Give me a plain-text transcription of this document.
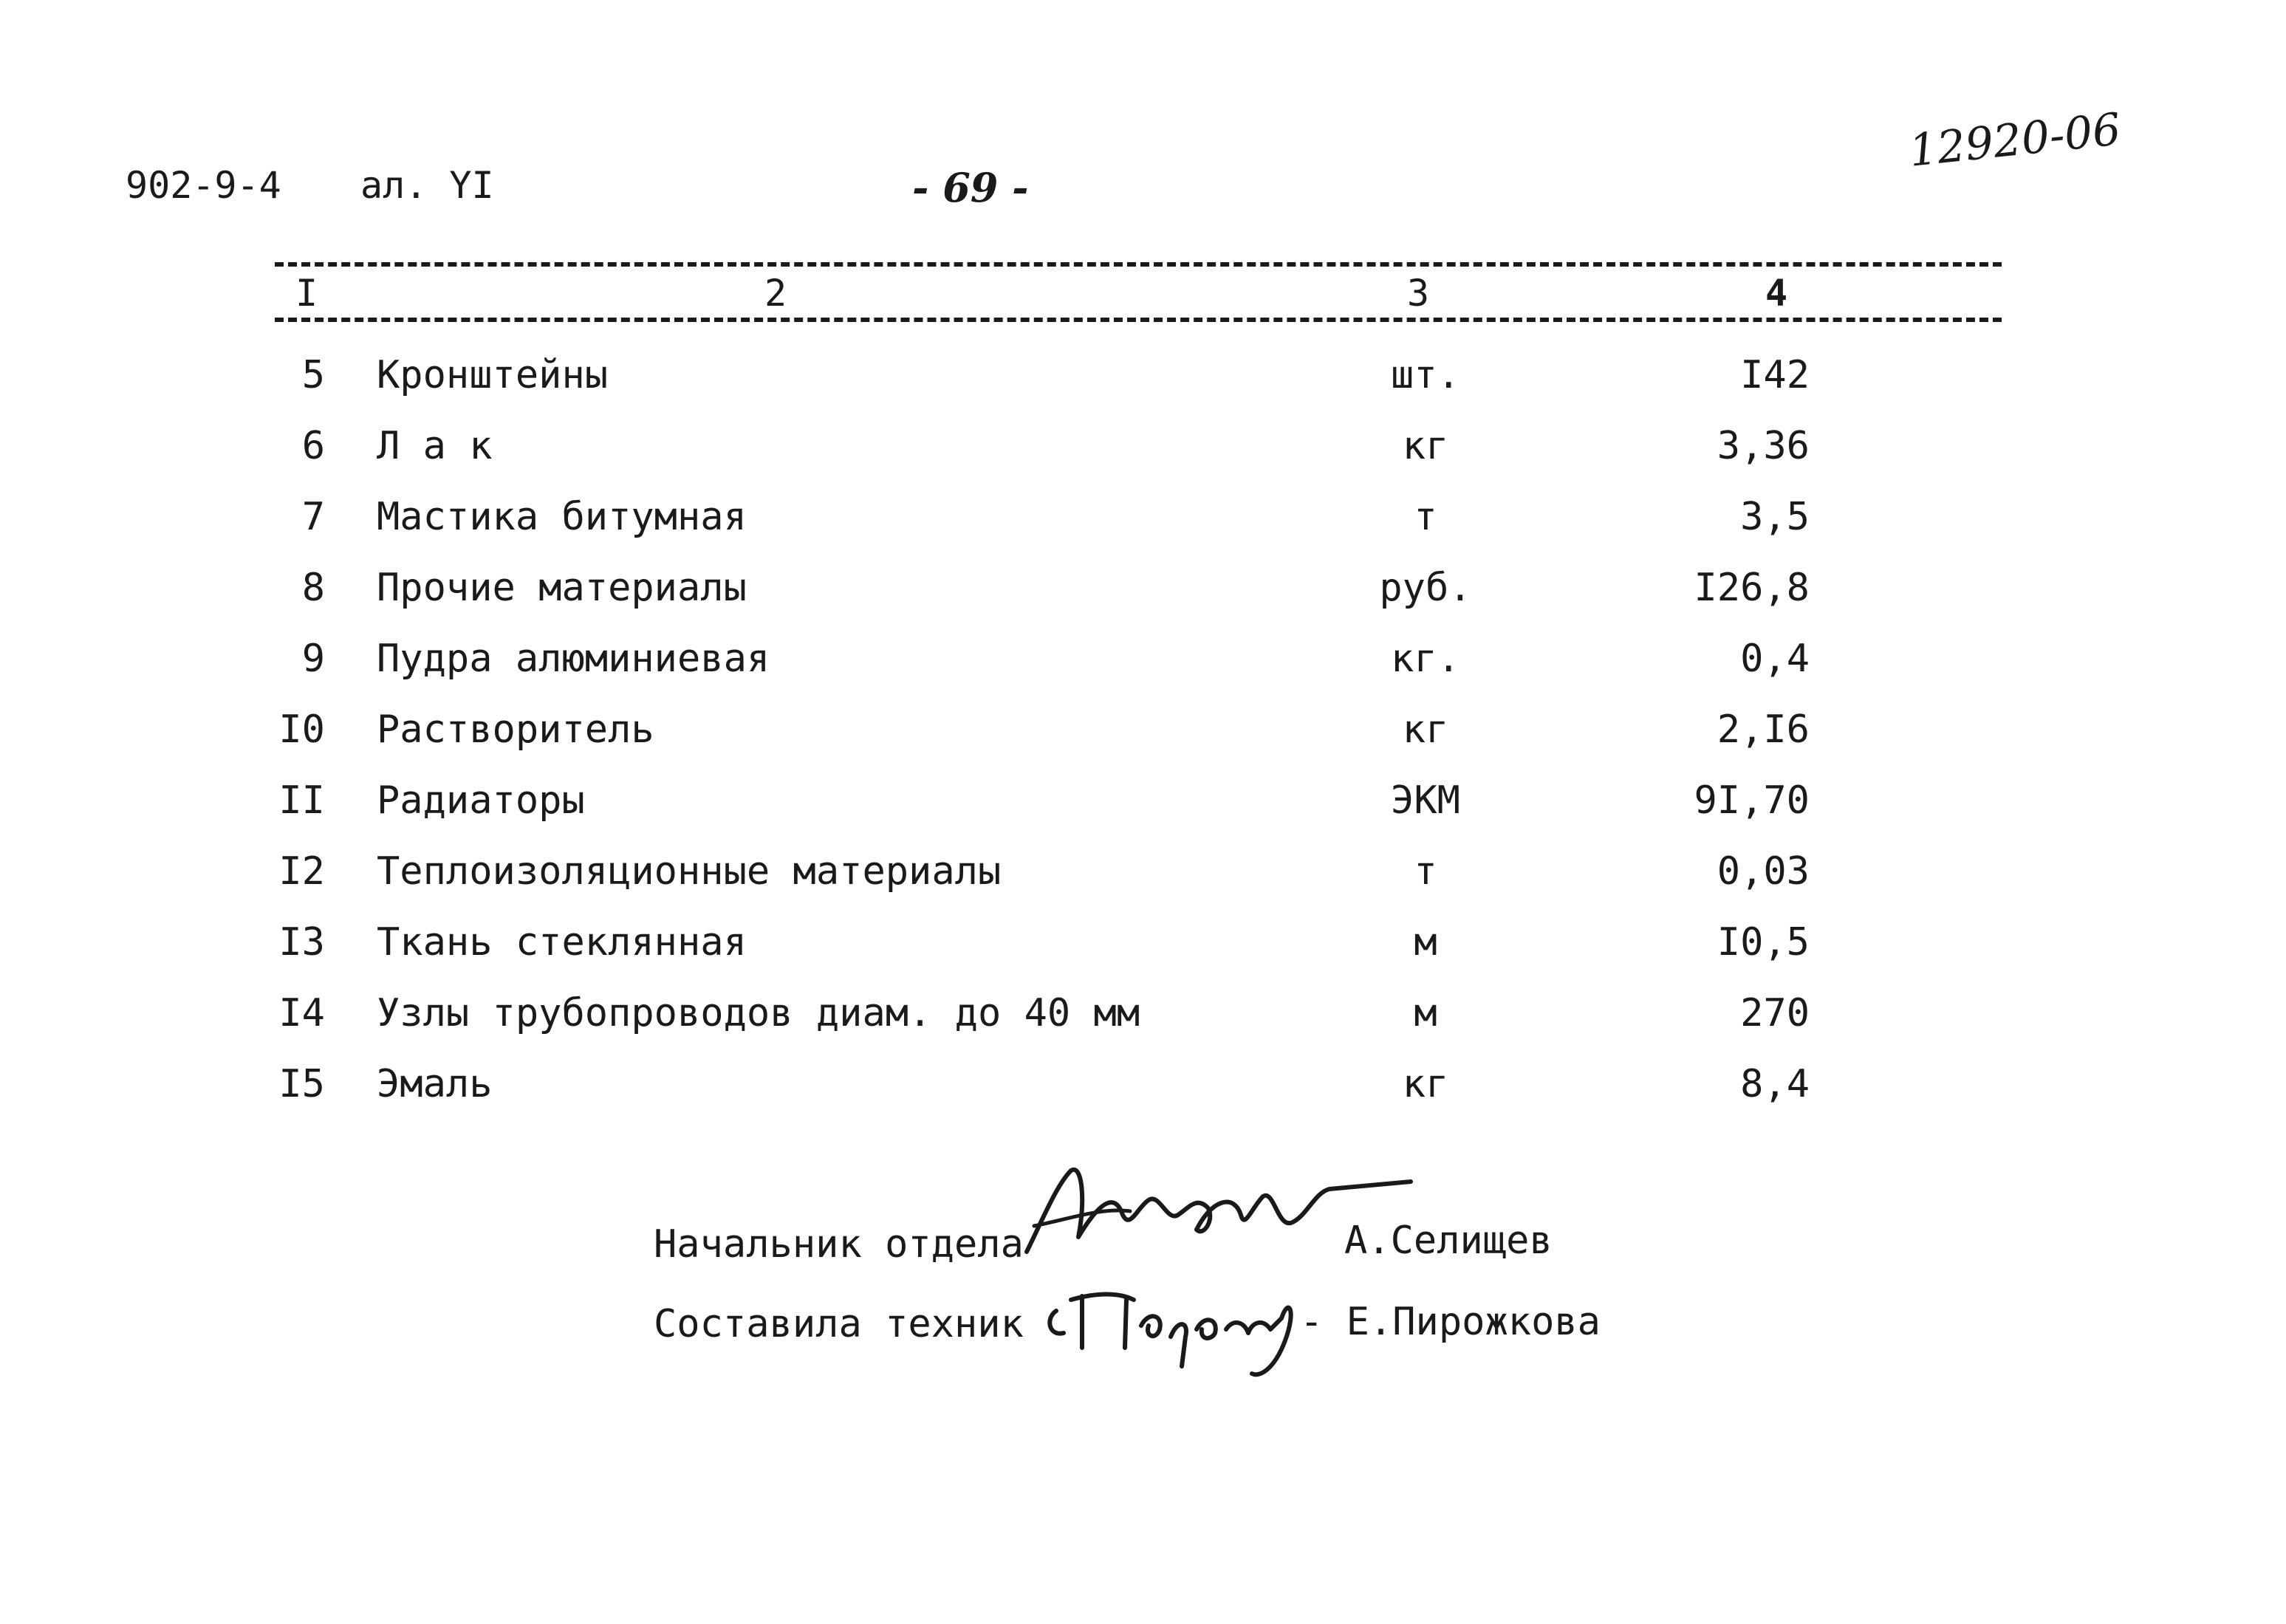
902-9-4 ал. YI	- 69 -
12920-06
I	2	3	4
5 Кронштейны	шт.	I42
6 Л а к	кг	3,36
7 Мастика битумная	т	3,5
8 Прочие материалы	руб.	I26,8
9 Пудра алюминиевая	кг.	0,4
I0 Растворитель	кг	2,I6
II Радиаторы	ЭКМ	9I,70
I2 Теплоизоляционные материалы	т	0,03
I3 Ткань стеклянная	м	I0,5
I4 Узлы трубопроводов диам. до 40 мм	м	270
I5 Эмаль	кг	8,4
Начальник отдела	А.Селищев
Составила техник	- Е.Пирожкова
